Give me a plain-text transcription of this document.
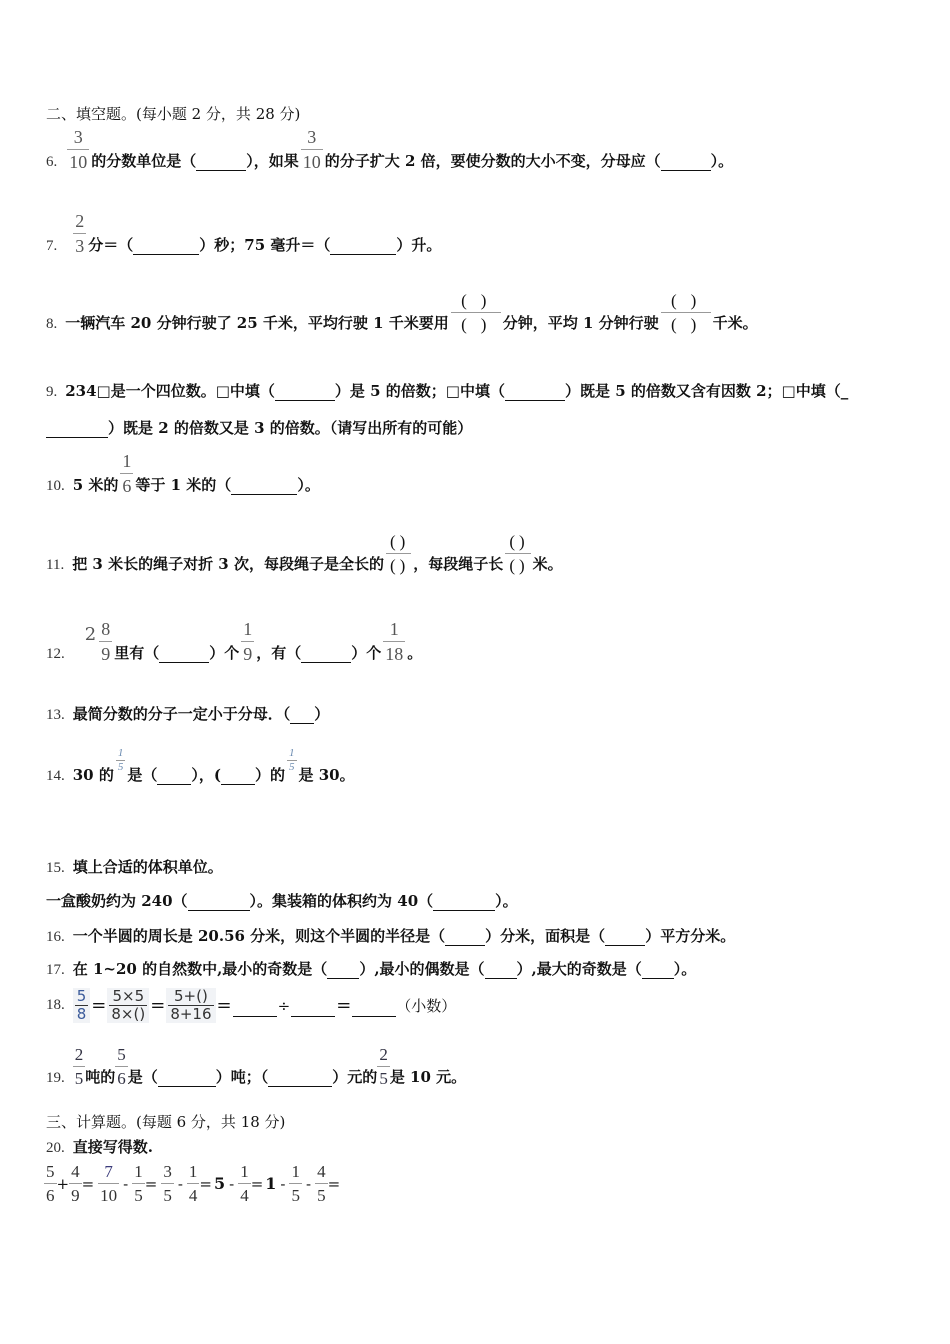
二、填空题。(每小题 2 分，共 28 分)
6. $\frac{3}{10}$ 的分数单位是（	），如果 $\frac{3}{10}$ 的分子扩大 2 倍，要使分数的大小不变，分母应（	）。
7. $\frac{2}{3}$ 分＝（	）秒；75 毫升＝（	）升。
8. 一辆汽车 20 分钟行驶了 25 千米，平均行驶 1 千米要用 $\frac{()}{()}$ 分钟，平均 1 分钟行驶 $\frac{()}{()}$ 千米。
9. 234□是一个四位数。□中填（	）是 5 的倍数；□中填（	）既是 5 的倍数又含有因数 2；□中填（_
）既是 2 的倍数又是 3 的倍数。（请写出所有的可能）
10. 5 米的 $\frac{1}{6}$ 等于 1 米的（	）。
11. 把 3 米长的绳子对折 3 次，每段绳子是全长的 $\frac{()}{()}$ ，每段绳子长 $\frac{()}{()}$ 米。
12.
$2 \frac{8}{9}$ 里有（	）个 $\frac{1}{9}$ ，有（	）个 $\frac{1}{18}$ 。
13. 最简分数的分子一定小于分母．（ ）
14. 30 的
$\frac{1}{5}$
是（ ），( ）的
$\frac{1}{5}$
是 30。
15. 填上合适的体积单位。
一盒酸奶约为 240（	）。集装箱的体积约为 40（	）。
16. 一个半圆的周长是 20.56 分米，则这个半圆的半径是（	）分米，面积是（	）平方分米。
17. 在 1~20 的自然数中,最小的奇数是（ ）,最小的偶数是（ ）,最大的奇数是（ ）。
18. 5
8 = 5×5
8×() = 5+()
8+16 =	÷	=	（小数）
19. $\frac{2}{5}$ 吨的 $\frac{5}{6}$ 是（	）吨；（	）元的 $\frac{2}{5}$ 是 10 元。
三、计算题。(每题 6 分，共 18 分)
20. 直接写得数.
$\frac{5}{6} + \frac{4}{9} = \frac{7}{10} - \frac{1}{5} = \frac{3}{5} - \frac{1}{4} = 5 - \frac{1}{4} = 1 - \frac{1}{5} - \frac{4}{5}$ =
